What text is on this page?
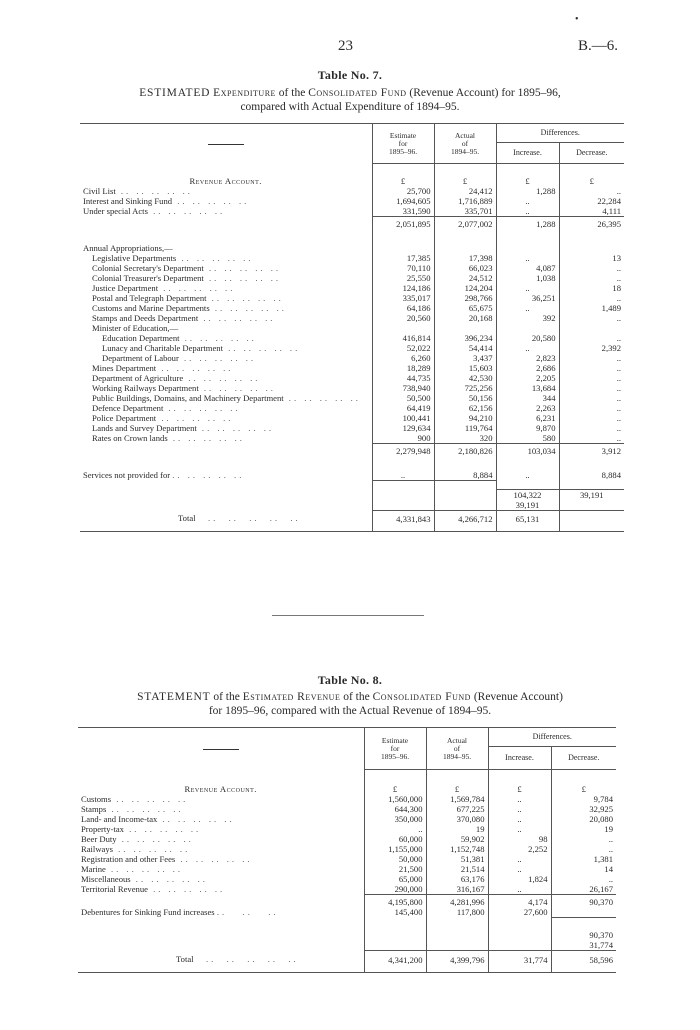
•
23	B.—6.
Table No. 7.
ESTIMATED Expenditure of the Consolidated Fund (Revenue Account) for 1895–96,
compared with Actual Expenditure of 1894–95.
	Estimate
for
1895–96.	Actual
of
1894–95.	Differences.	
			Increase.	Decrease.
Revenue Account.	£	£	£	£
Civil List .. .. .. .. ..	25,700	24,412	1,288	..
Interest and Sinking Fund .. .. .. .. ..	1,694,605	1,716,889	..	22,284
Under special Acts .. .. .. .. ..	331,590	335,701	..	4,111
	2,051,895	2,077,002	1,288	26,395
Annual Appropriations,—				
Legislative Departments .. .. .. .. ..	17,385	17,398	..	13
Colonial Secretary's Department .. .. .. .. ..	70,110	66,023	4,087	..
Colonial Treasurer's Department .. .. .. .. ..	25,550	24,512	1,038	..
Justice Department .. .. .. .. ..	124,186	124,204	..	18
Postal and Telegraph Department .. .. .. .. ..	335,017	298,766	36,251	..
Customs and Marine Departments .. .. .. .. ..	64,186	65,675	..	1,489
Stamps and Deeds Department .. .. .. .. ..	20,560	20,168	392	..
Minister of Education,—				
Education Department .. .. .. .. ..	416,814	396,234	20,580	..
Lunacy and Charitable Department .. .. .. .. ..	52,022	54,414	..	2,392
Department of Labour .. .. .. .. ..	6,260	3,437	2,823	..
Mines Department .. .. .. .. ..	18,289	15,603	2,686	..
Department of Agriculture .. .. .. .. ..	44,735	42,530	2,205	..
Working Railways Department .. .. .. .. ..	738,940	725,256	13,684	..
Public Buildings, Domains, and Machinery Department .. .. .. .. ..	50,500	50,156	344	..
Defence Department .. .. .. .. ..	64,419	62,156	2,263	..
Police Department .. .. .. .. ..	100,441	94,210	6,231	..
Lands and Survey Department .. .. .. .. ..	129,634	119,764	9,870	..
Rates on Crown lands .. .. .. .. ..	900	320	580	..
	2,279,948	2,180,826	103,034	3,912
Services not provided for .. .. .. .. ..	..	8,884	..	8,884

			104,322	39,191
			39,191	
Total   ..  ..  ..  ..  ..	4,331,843	4,266,712	65,131	
Table No. 8.
STATEMENT of the Estimated Revenue of the Consolidated Fund (Revenue Account)
for 1895–96, compared with the Actual Revenue of 1894–95.
	Estimate
for
1895–96.	Actual
of
1894–95.	Differences.	
			Increase.	Decrease.
Revenue Account.	£	£	£	£
Customs .. .. .. .. ..	1,560,000	1,569,784	..	9,784
Stamps .. .. .. .. ..	644,300	677,225	..	32,925
Land- and Income-tax .. .. .. .. ..	350,000	370,080	..	20,080
Property-tax .. .. .. .. ..	..	19	..	19
Beer Duty .. .. .. .. ..	60,000	59,902	98	..
Railways .. .. .. .. ..	1,155,000	1,152,748	2,252	..
Registration and other Fees .. .. .. .. ..	50,000	51,381	..	1,381
Marine .. .. .. .. ..	21,500	21,514	..	14
Miscellaneous .. .. .. .. ..	65,000	63,176	1,824	..
Territorial Revenue .. .. .. .. ..	290,000	316,167	..	26,167
	4,195,800	4,281,996	4,174	90,370
Debentures for Sinking Fund increases ..   ..   ..	145,400	117,800	27,600	

				90,370
				31,774
Total   ..  ..  ..  ..  ..	4,341,200	4,399,796	31,774	58,596
